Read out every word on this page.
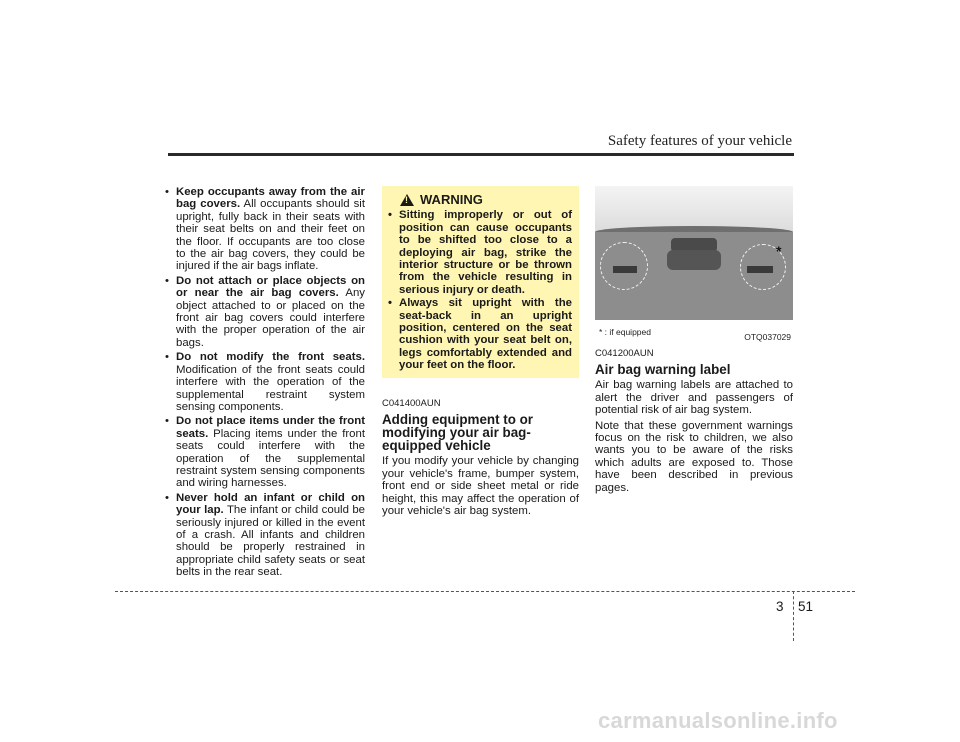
Safety features of your vehicle
• Keep occupants away from the air bag covers. All occupants should sit upright, fully back in their seats with their seat belts on and their feet on the floor. If occupants are too close to the air bag covers, they could be injured if the air bags inflate.
• Do not attach or place objects on or near the air bag covers. Any object attached to or placed on the front air bag covers could interfere with the proper operation of the air bags.
• Do not modify the front seats. Modification of the front seats could interfere with the operation of the supplemental restraint system sensing components.
• Do not place items under the front seats. Placing items under the front seats could interfere with the operation of the supplemental restraint system sensing components and wiring harnesses.
• Never hold an infant or child on your lap. The infant or child could be seriously injured or killed in the event of a crash. All infants and children should be properly restrained in appropriate child safety seats or seat belts in the rear seat.
!
WARNING
• Sitting improperly or out of position can cause occupants to be shifted too close to a deploying air bag, strike the interior structure or be thrown from the vehicle resulting in serious injury or death.
• Always sit upright with the seat-back in an upright position, centered on the seat cushion with your seat belt on, legs comfortably extended and your feet on the floor.
C041400AUN
Adding equipment to or modifying your air bag-equipped vehicle

If you modify your vehicle by changing your vehicle's frame, bumper system, front end or side sheet metal or ride height, this may affect the operation of your vehicle's air bag system.

*
* : if equipped	OTQ037029
C041200AUN
Air bag warning label

Air bag warning labels are attached to alert the driver and passengers of potential risk of air bag system.

Note that these government warnings focus on the risk to children, we also wants you to be aware of the risks which adults are exposed to. Those have been described in previous pages.

3 51
carmanualsonline.info
